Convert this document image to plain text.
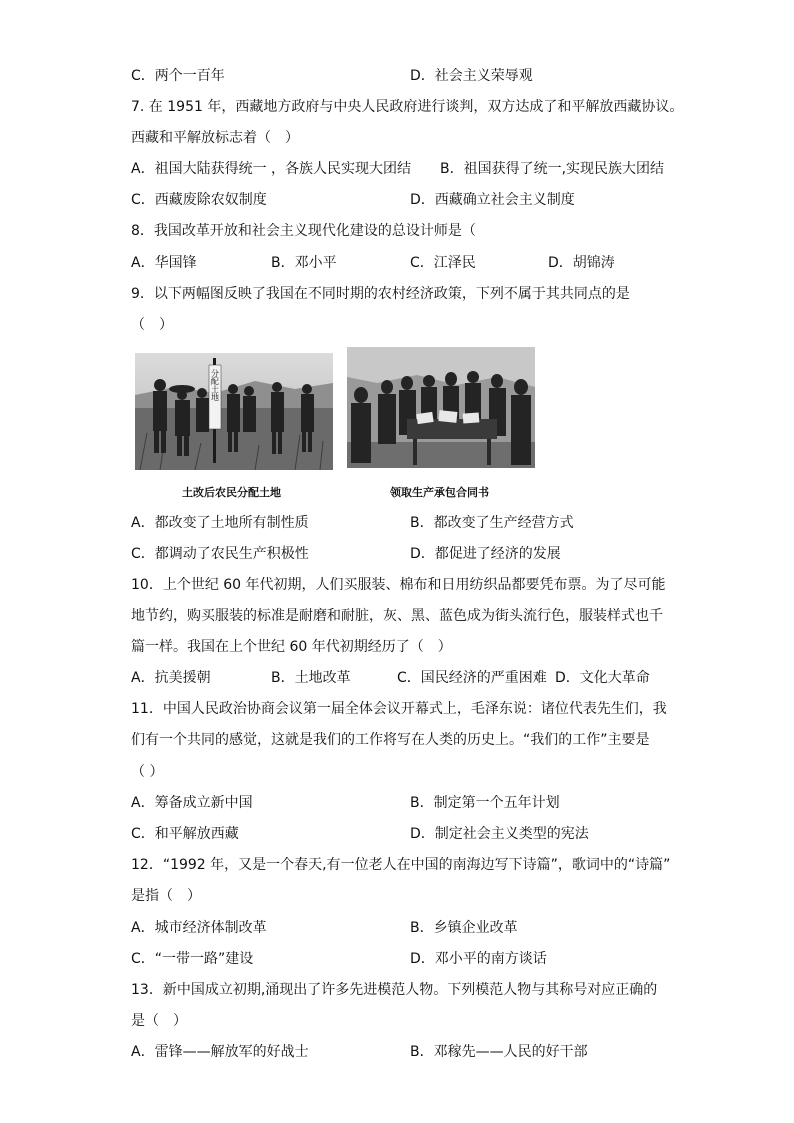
C．两个一百年	D．社会主义荣辱观
7. 在 1951 年，西藏地方政府与中央人民政府进行谈判，双方达成了和平解放西藏协议。
西藏和平解放标志着（　）
A．祖国大陆获得统一 ，各族人民实现大团结 B．祖国获得了统一,实现民族大团结
C．西藏废除农奴制度	D．西藏确立社会主义制度
8．我国改革开放和社会主义现代化建设的总设计师是（
A．华国锋	B．邓小平	C．江泽民	D．胡锦涛
9．以下两幅图反映了我国在不同时期的农村经济政策，下列不属于其共同点的是
（　）
分配土地
土改后农民分配土地	领取生产承包合同书
A．都改变了土地所有制性质	B．都改变了生产经营方式
C．都调动了农民生产积极性	D．都促进了经济的发展
10．上个世纪 60 年代初期，人们买服装、棉布和日用纺织品都要凭布票。为了尽可能
地节约，购买服装的标准是耐磨和耐脏，灰、黑、蓝色成为街头流行色，服装样式也千
篇一样。我国在上个世纪 60 年代初期经历了（　）
A．抗美援朝	B．土地改革	C．国民经济的严重困难 D．文化大革命
11．中国人民政治协商会议第一届全体会议开幕式上，毛泽东说：诸位代表先生们，我
们有一个共同的感觉，这就是我们的工作将写在人类的历史上。“我们的工作”主要是
（ ）
A．筹备成立新中国	B．制定第一个五年计划
C．和平解放西藏	D．制定社会主义类型的宪法
12．“1992 年，又是一个春天,有一位老人在中国的南海边写下诗篇”，歌词中的“诗篇”
是指（　）
A．城市经济体制改革	B．乡镇企业改革
C．“一带一路”建设	D．邓小平的南方谈话
13．新中国成立初期,涌现出了许多先进模范人物。下列模范人物与其称号对应正确的
是（　）
A．雷锋——解放军的好战士	B．邓稼先——人民的好干部
